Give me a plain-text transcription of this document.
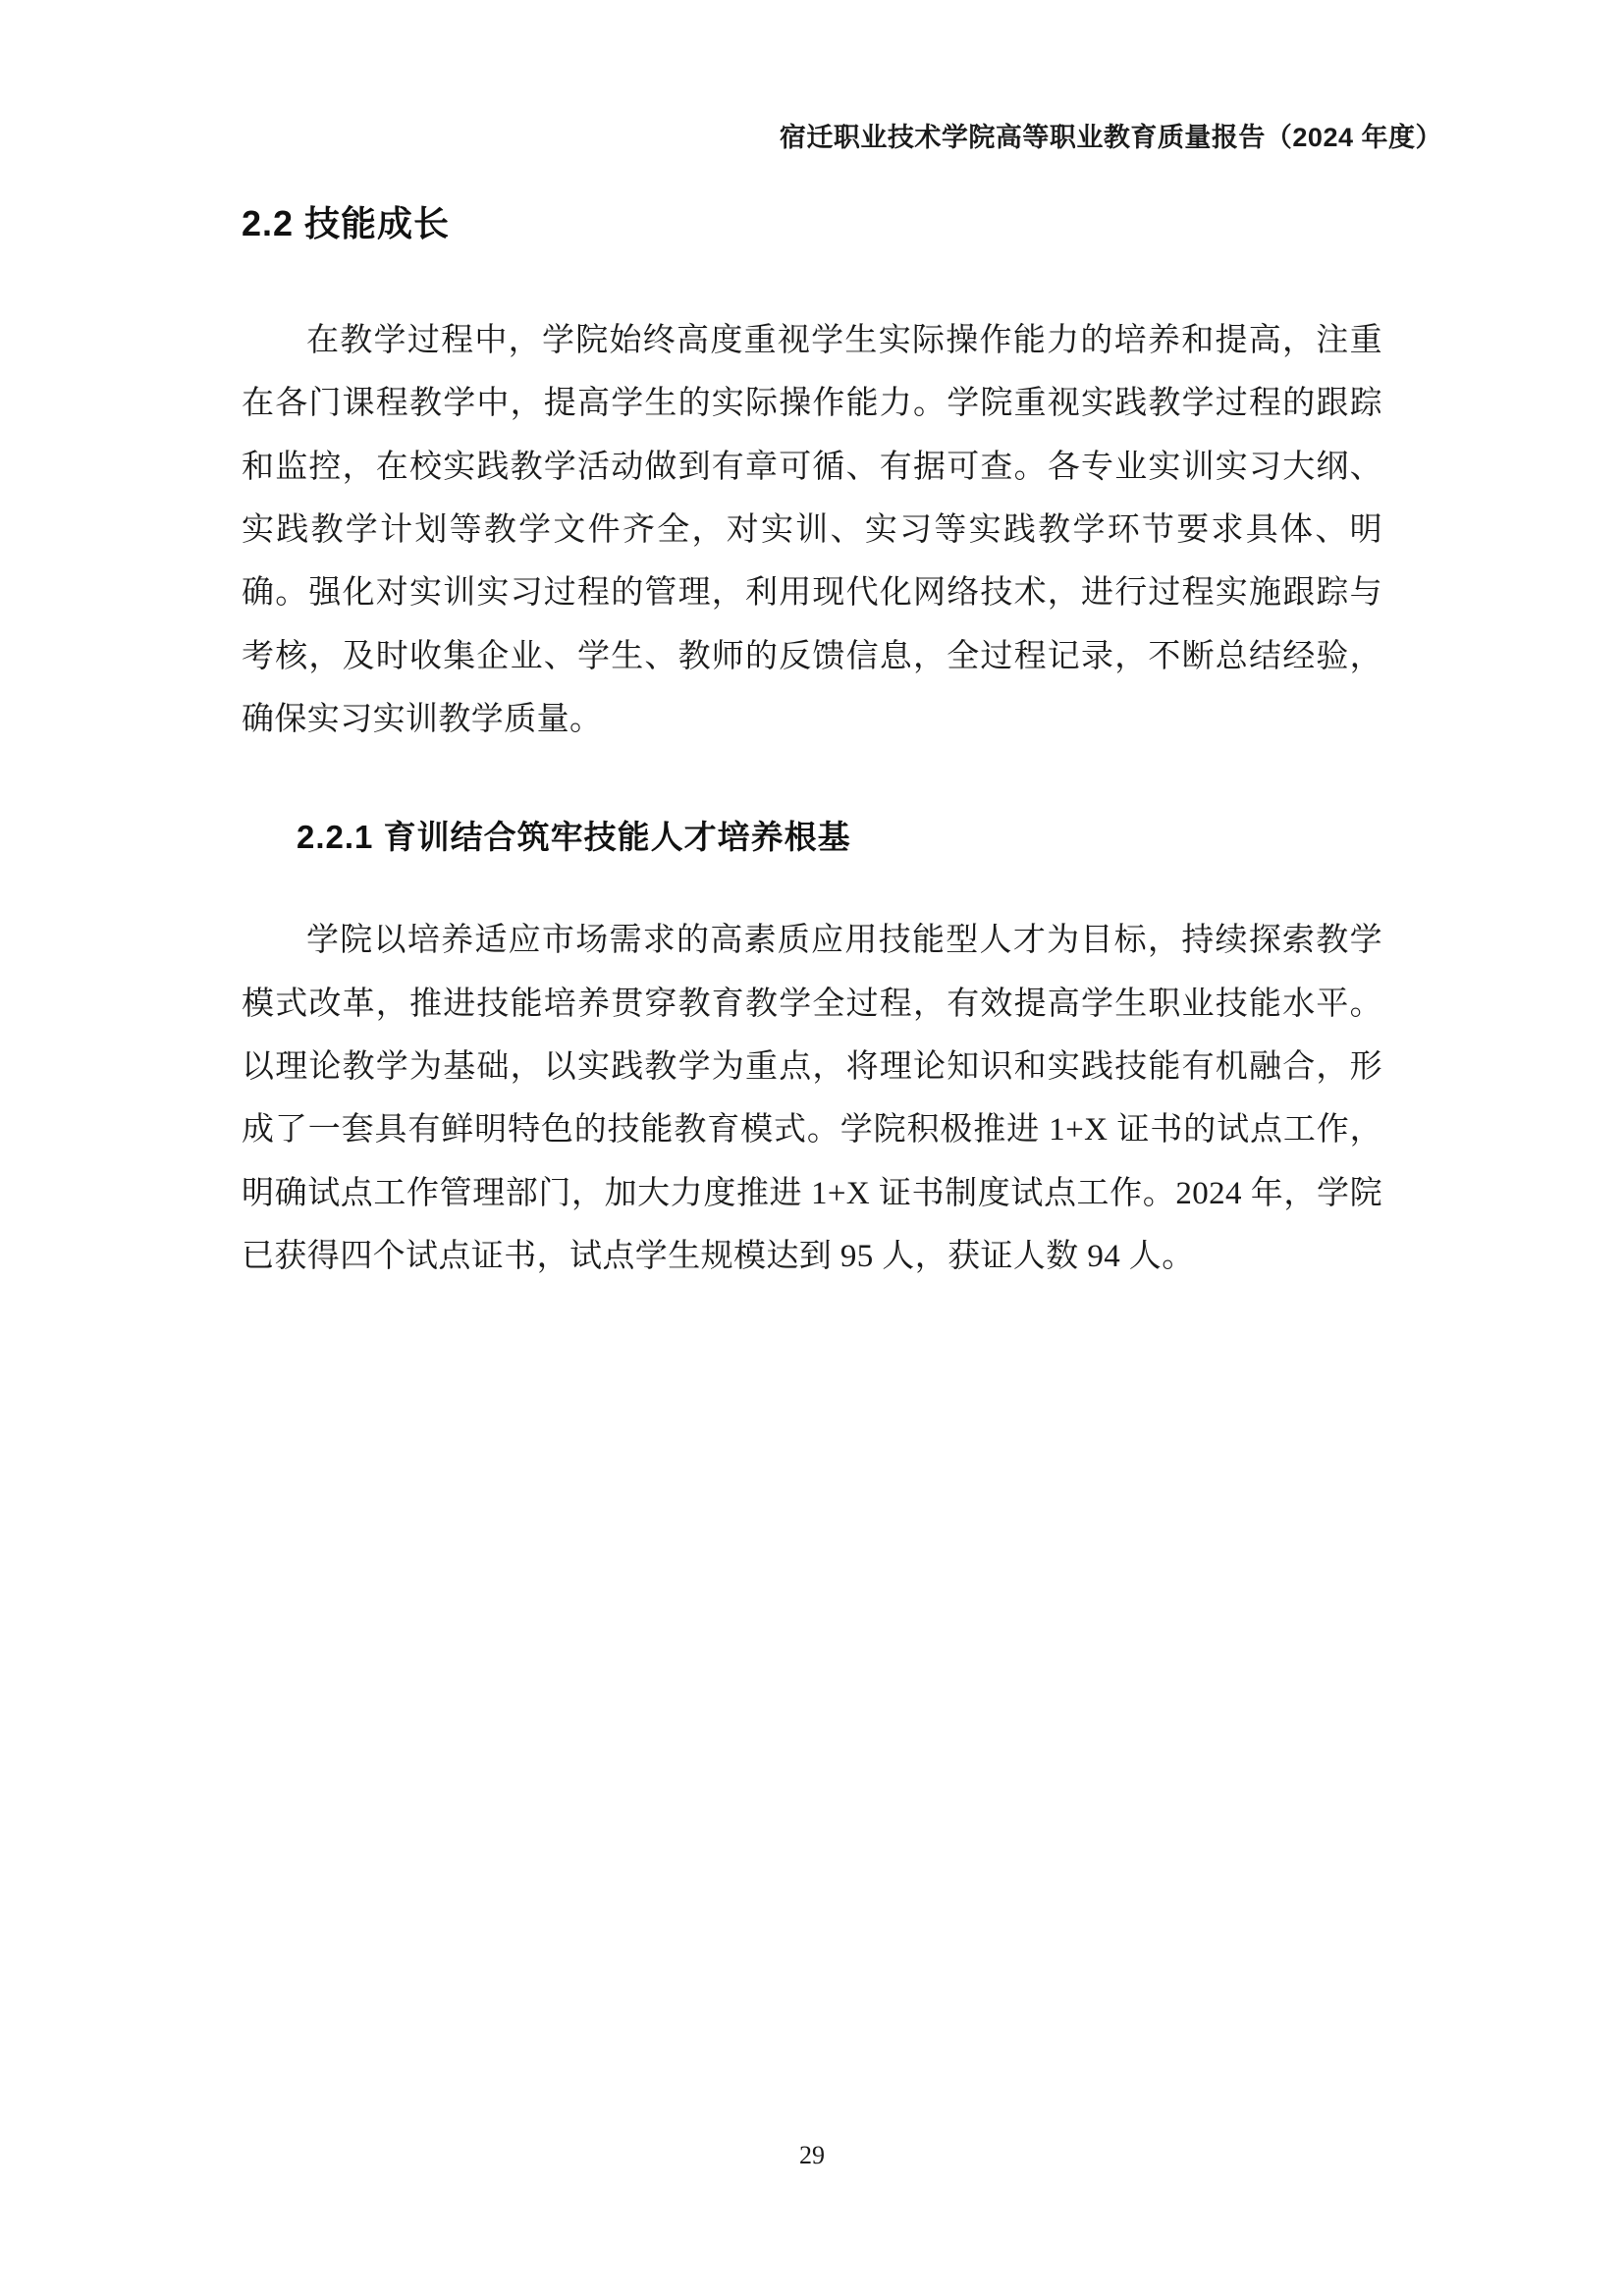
宿迁职业技术学院高等职业教育质量报告（2024 年度）
2.2 技能成长

在教学过程中，学院始终高度重视学生实际操作能力的培养和提高，注重在各门课程教学中，提高学生的实际操作能力。学院重视实践教学过程的跟踪和监控，在校实践教学活动做到有章可循、有据可查。各专业实训实习大纲、实践教学计划等教学文件齐全，对实训、实习等实践教学环节要求具体、明确。强化对实训实习过程的管理，利用现代化网络技术，进行过程实施跟踪与考核，及时收集企业、学生、教师的反馈信息，全过程记录，不断总结经验，确保实习实训教学质量。

2.2.1 育训结合筑牢技能人才培养根基

学院以培养适应市场需求的高素质应用技能型人才为目标，持续探索教学模式改革，推进技能培养贯穿教育教学全过程，有效提高学生职业技能水平。以理论教学为基础，以实践教学为重点，将理论知识和实践技能有机融合，形成了一套具有鲜明特色的技能教育模式。学院积极推进 1+X 证书的试点工作，明确试点工作管理部门，加大力度推进 1+X 证书制度试点工作。2024 年，学院已获得四个试点证书，试点学生规模达到 95 人，获证人数 94 人。

29
